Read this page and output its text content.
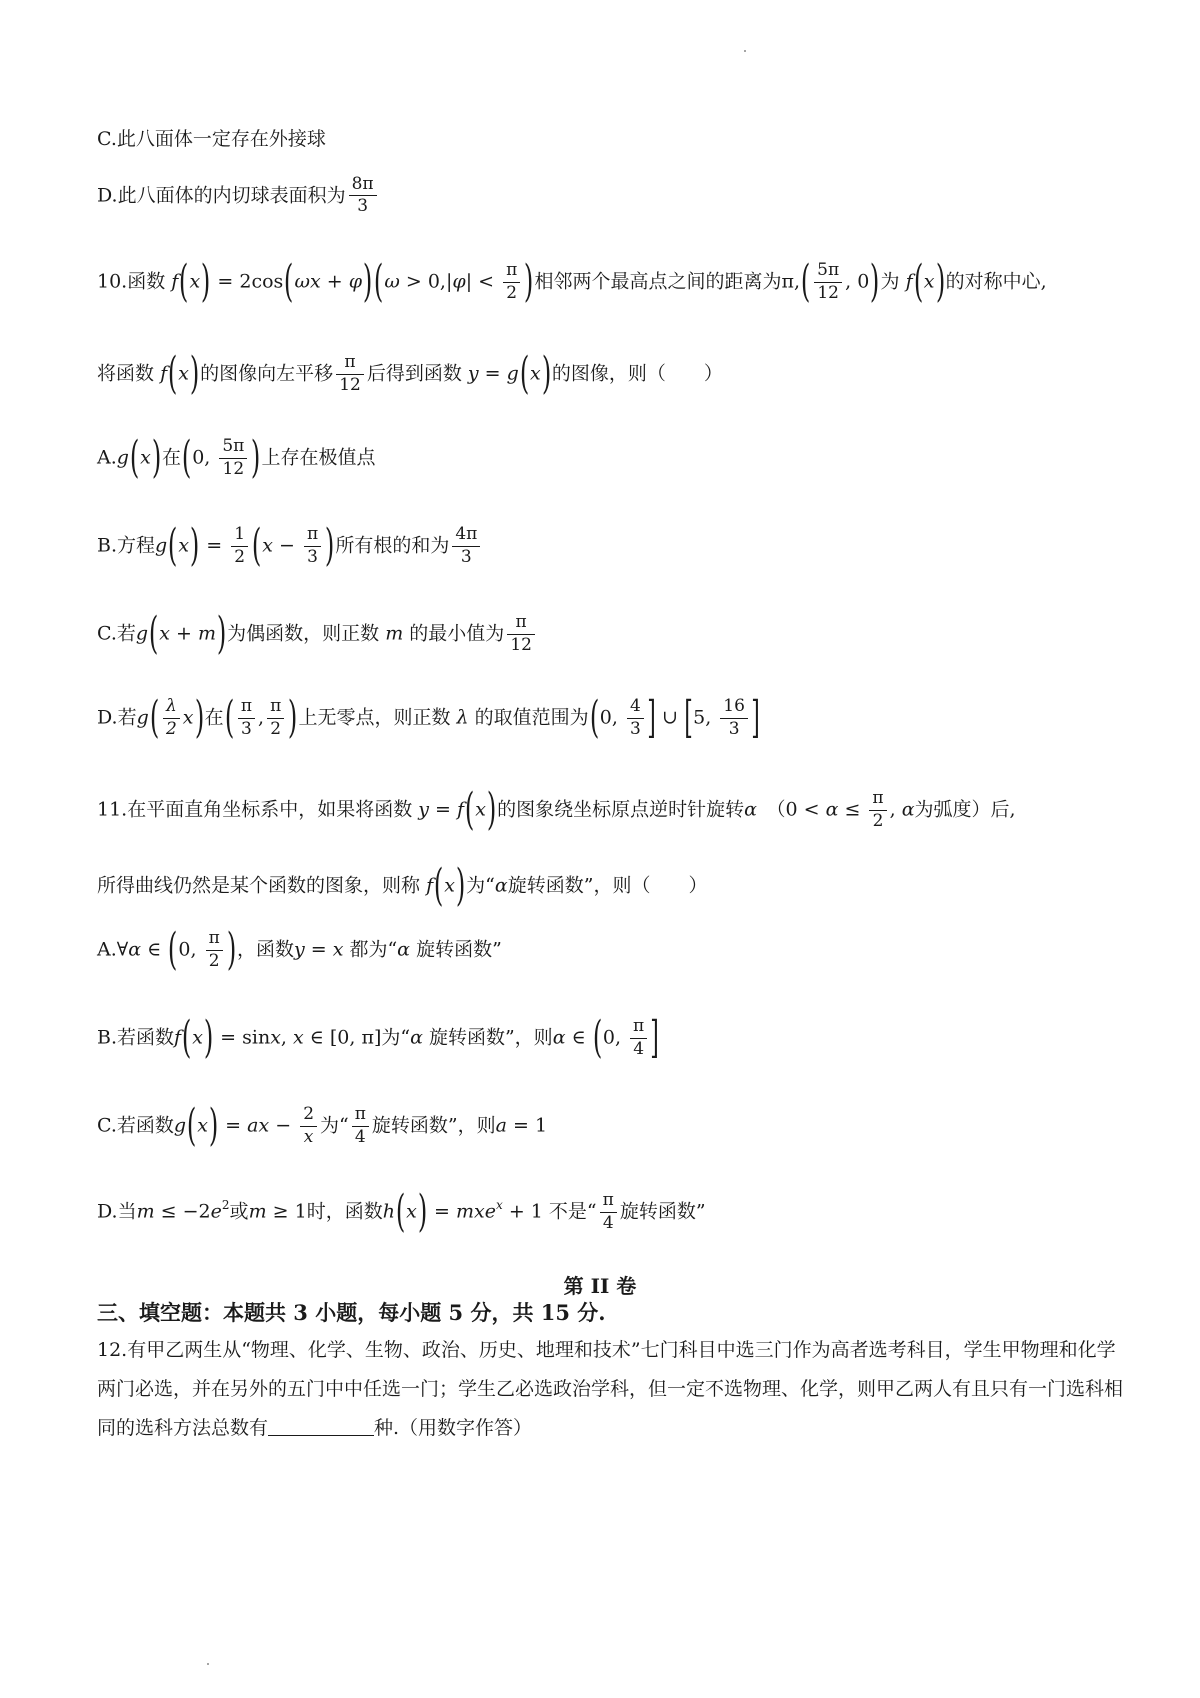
C.此八面体一定存在外接球
D.此八面体的内切球表面积为 $\frac{8\pi}{3}$
10.函数 $f(x) = 2\cos(\omega x + \varphi)(\omega > 0,|\varphi| < \frac{\pi}{2}$ )相邻两个最高点之间的距离为$\pi,( \frac{5\pi}{12}$ , 0)为 f(x)的对称中心,
将函数 f(x)的图像向左平移 $\frac{\pi}{12}$ 后得到函数 y = g(x)的图像，则（　　）
A.g(x)在(0, $\frac{5\pi}{12}$ )上存在极值点
B.方程$g(x) = \frac{1}{2} (x - \frac{\pi}{3}$ )所有根的和为 $\frac{4\pi}{3}$
C.若g(x + m)为偶函数，则正数 m 的最小值为 $\frac{\pi}{12}$
D.若$g( \frac{\lambda}{2} x)$在( $\frac{\pi}{3}$ , $\frac{\pi}{2}$ )上无零点，则正数 λ 的取值范围为(0, $\frac{4}{3}$ ] ∪ [5, $\frac{16}{3}$ ]
11.在平面直角坐标系中，如果将函数 y = f(x)的图象绕坐标原点逆时针旋转α　（$0 < \alpha \le \frac{\pi}{2}$ , α为弧度）后,
所得曲线仍然是某个函数的图象，则称 f(x)为“α旋转函数”，则（　　）
A.∀α ∈ (0, $\frac{\pi}{2}$ )，函数y = x 都为“α 旋转函数”
B.若函数f(x) = sinx, x ∈ [0, π]为“α 旋转函数”，则α ∈ (0, $\frac{\pi}{4}$ ]
C.若函数g(x) = ax − $\frac{2}{x}$ 为“ $\frac{\pi}{4}$ 旋转函数”，则a = 1
D.当$m \le -2e^2$或m ≥ 1时，函数h(x) = mxe$^x$ + 1 不是“ $\frac{\pi}{4}$ 旋转函数”
第 II 卷
三、填空题：本题共 3 小题，每小题 5 分，共 15 分.
12.有甲乙两生从“物理、化学、生物、政治、历史、地理和技术”七门科目中选三门作为高者选考科目，学生甲物理和化学两门必选，并在另外的五门中中任选一门；学生乙必选政治学科，但一定不选物理、化学，则甲乙两人有且只有一门选科相同的选科方法总数有	种.（用数字作答）
